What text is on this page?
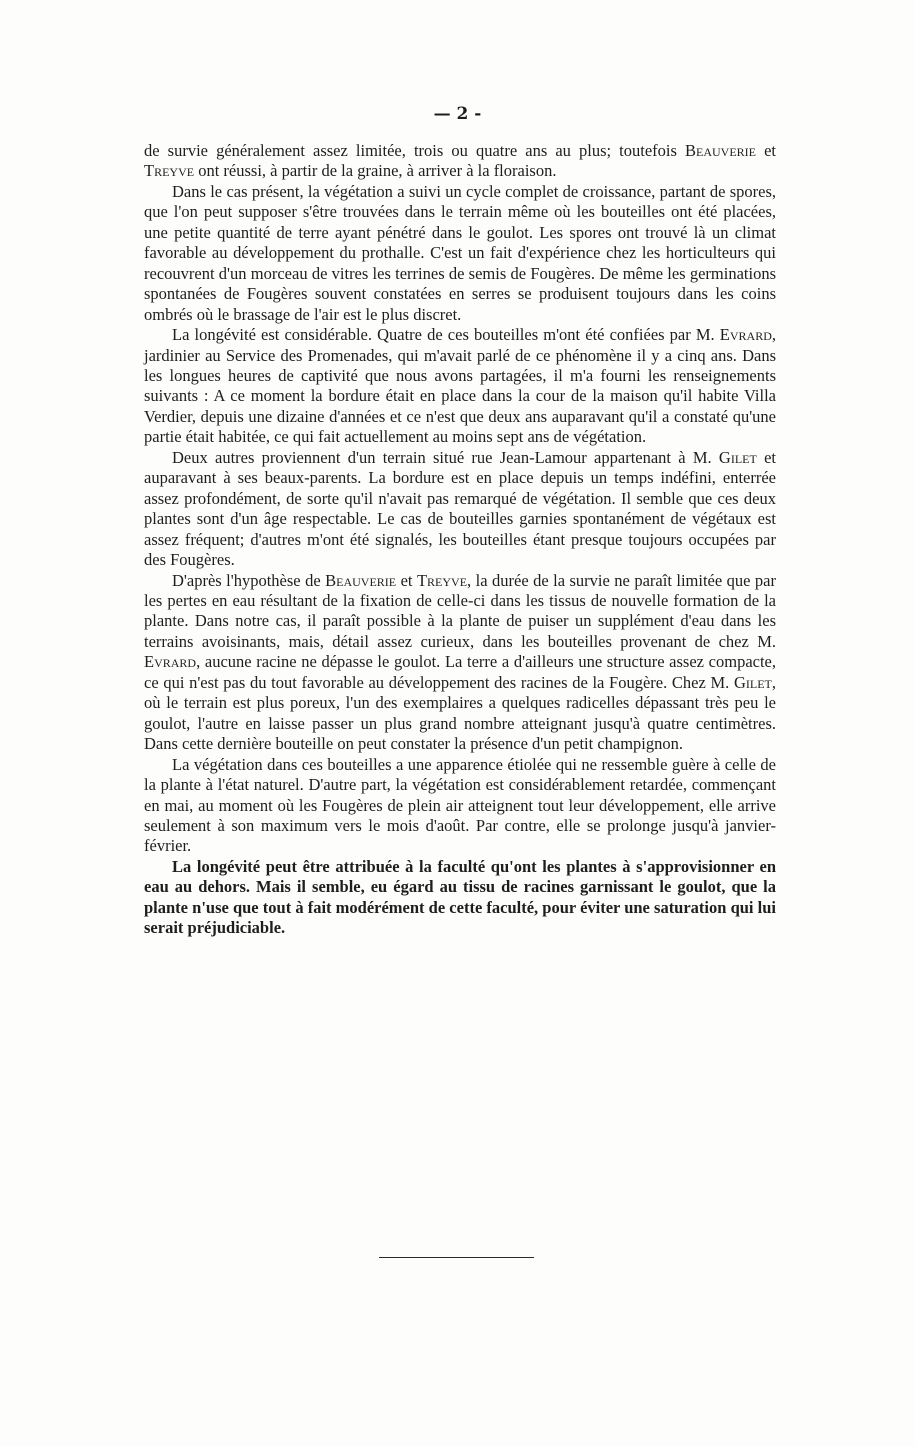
— 2 -

de survie généralement assez limitée, trois ou quatre ans au plus; toutefois Beauverie et Treyve ont réussi, à partir de la graine, à arriver à la floraison.

Dans le cas présent, la végétation a suivi un cycle complet de croissance, partant de spores, que l'on peut supposer s'être trouvées dans le terrain même où les bouteilles ont été placées, une petite quantité de terre ayant pénétré dans le goulot. Les spores ont trouvé là un climat favorable au développement du prothalle. C'est un fait d'expérience chez les horticulteurs qui recouvrent d'un morceau de vitres les terrines de semis de Fougères. De même les germinations spontanées de Fougères souvent constatées en serres se produisent toujours dans les coins ombrés où le brassage de l'air est le plus discret.

La longévité est considérable. Quatre de ces bouteilles m'ont été confiées par M. Evrard, jardinier au Service des Promenades, qui m'avait parlé de ce phénomène il y a cinq ans. Dans les longues heures de captivité que nous avons partagées, il m'a fourni les renseignements suivants : A ce moment la bordure était en place dans la cour de la maison qu'il habite Villa Verdier, depuis une dizaine d'années et ce n'est que deux ans auparavant qu'il a constaté qu'une partie était habitée, ce qui fait actuellement au moins sept ans de végétation.

Deux autres proviennent d'un terrain situé rue Jean-Lamour appartenant à M. Gilet et auparavant à ses beaux-parents. La bordure est en place depuis un temps indéfini, enterrée assez profondément, de sorte qu'il n'avait pas remarqué de végétation. Il semble que ces deux plantes sont d'un âge respectable. Le cas de bouteilles garnies spontanément de végétaux est assez fréquent; d'autres m'ont été signalés, les bouteilles étant presque toujours occupées par des Fougères.

D'après l'hypothèse de Beauverie et Treyve, la durée de la survie ne paraît limitée que par les pertes en eau résultant de la fixation de celle-ci dans les tissus de nouvelle formation de la plante. Dans notre cas, il paraît possible à la plante de puiser un supplément d'eau dans les terrains avoisinants, mais, détail assez curieux, dans les bouteilles provenant de chez M. Evrard, aucune racine ne dépasse le goulot. La terre a d'ailleurs une structure assez compacte, ce qui n'est pas du tout favorable au développement des racines de la Fougère. Chez M. Gilet, où le terrain est plus poreux, l'un des exemplaires a quelques radicelles dépassant très peu le goulot, l'autre en laisse passer un plus grand nombre atteignant jusqu'à quatre centimètres. Dans cette dernière bouteille on peut constater la présence d'un petit champignon.

La végétation dans ces bouteilles a une apparence étiolée qui ne ressemble guère à celle de la plante à l'état naturel. D'autre part, la végétation est considérablement retardée, commençant en mai, au moment où les Fougères de plein air atteignent tout leur développement, elle arrive seulement à son maximum vers le mois d'août. Par contre, elle se prolonge jusqu'à janvier-février.

La longévité peut être attribuée à la faculté qu'ont les plantes à s'approvisionner en eau au dehors. Mais il semble, eu égard au tissu de racines garnissant le goulot, que la plante n'use que tout à fait modérément de cette faculté, pour éviter une saturation qui lui serait préjudiciable.
